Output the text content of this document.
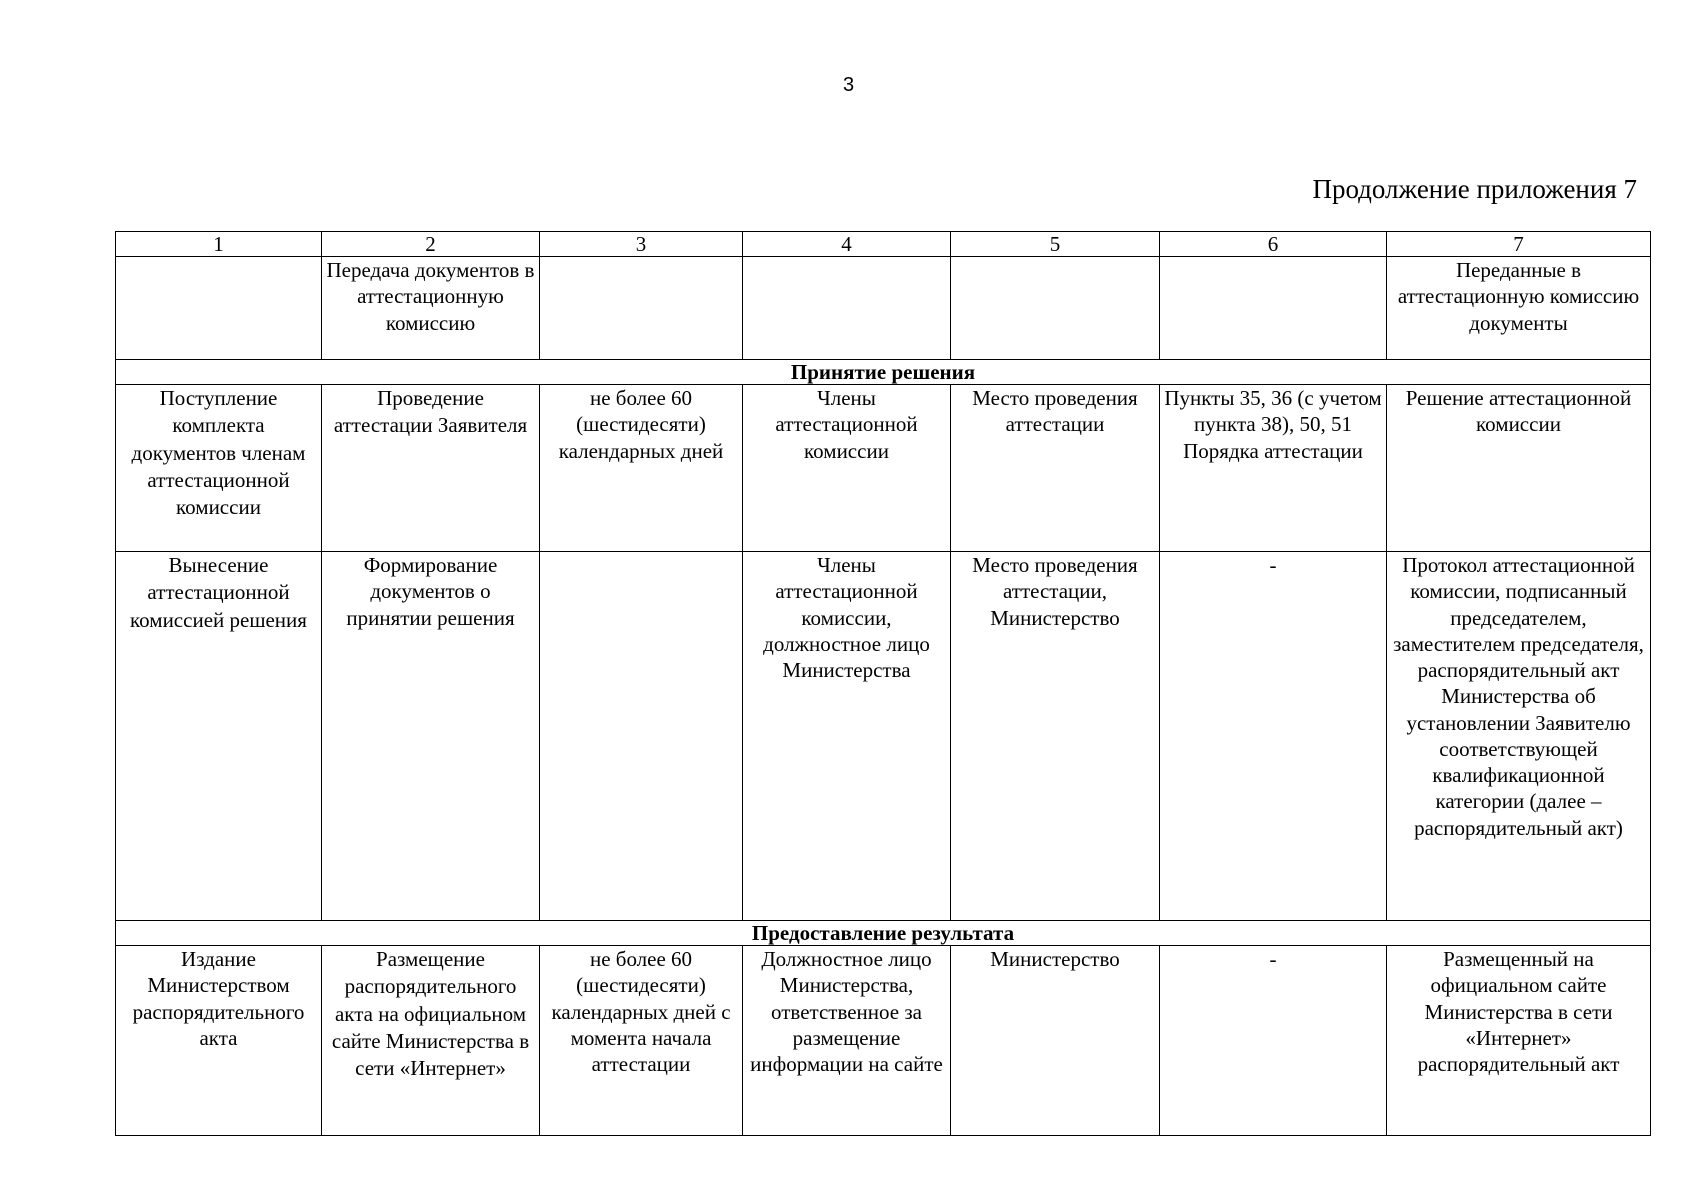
3
Продолжение приложения 7
1	2	3	4	5	6	7
	Передача документов в аттестационную комиссию					Переданные в аттестационную комиссию документы
Принятие решения						
Поступление комплекта документов членам аттестационной комиссии	Проведение аттестации Заявителя	не более 60 (шестидесяти) календарных дней	Члены аттестационной комиссии	Место проведения аттестации	Пункты 35, 36 (с учетом пункта 38), 50, 51 Порядка аттестации	Решение аттестационной комиссии
Вынесение аттестационной комиссией решения	Формирование документов о принятии решения		Члены аттестационной комиссии, должностное лицо Министерства	Место проведения аттестации, Министерство	-	Протокол аттестационной комиссии, подписанный председателем, заместителем председателя, распорядительный акт Министерства об установлении Заявителю соответствующей квалификационной категории (далее – распорядительный акт)
Предоставление результата						
Издание Министерством распорядительного акта	Размещение распорядительного акта на официальном сайте Министерства в сети «Интернет»	не более 60 (шестидесяти) календарных дней с момента начала аттестации	Должностное лицо Министерства, ответственное за размещение информации на сайте	Министерство	-	Размещенный на официальном сайте Министерства в сети «Интернет» распорядительный акт
